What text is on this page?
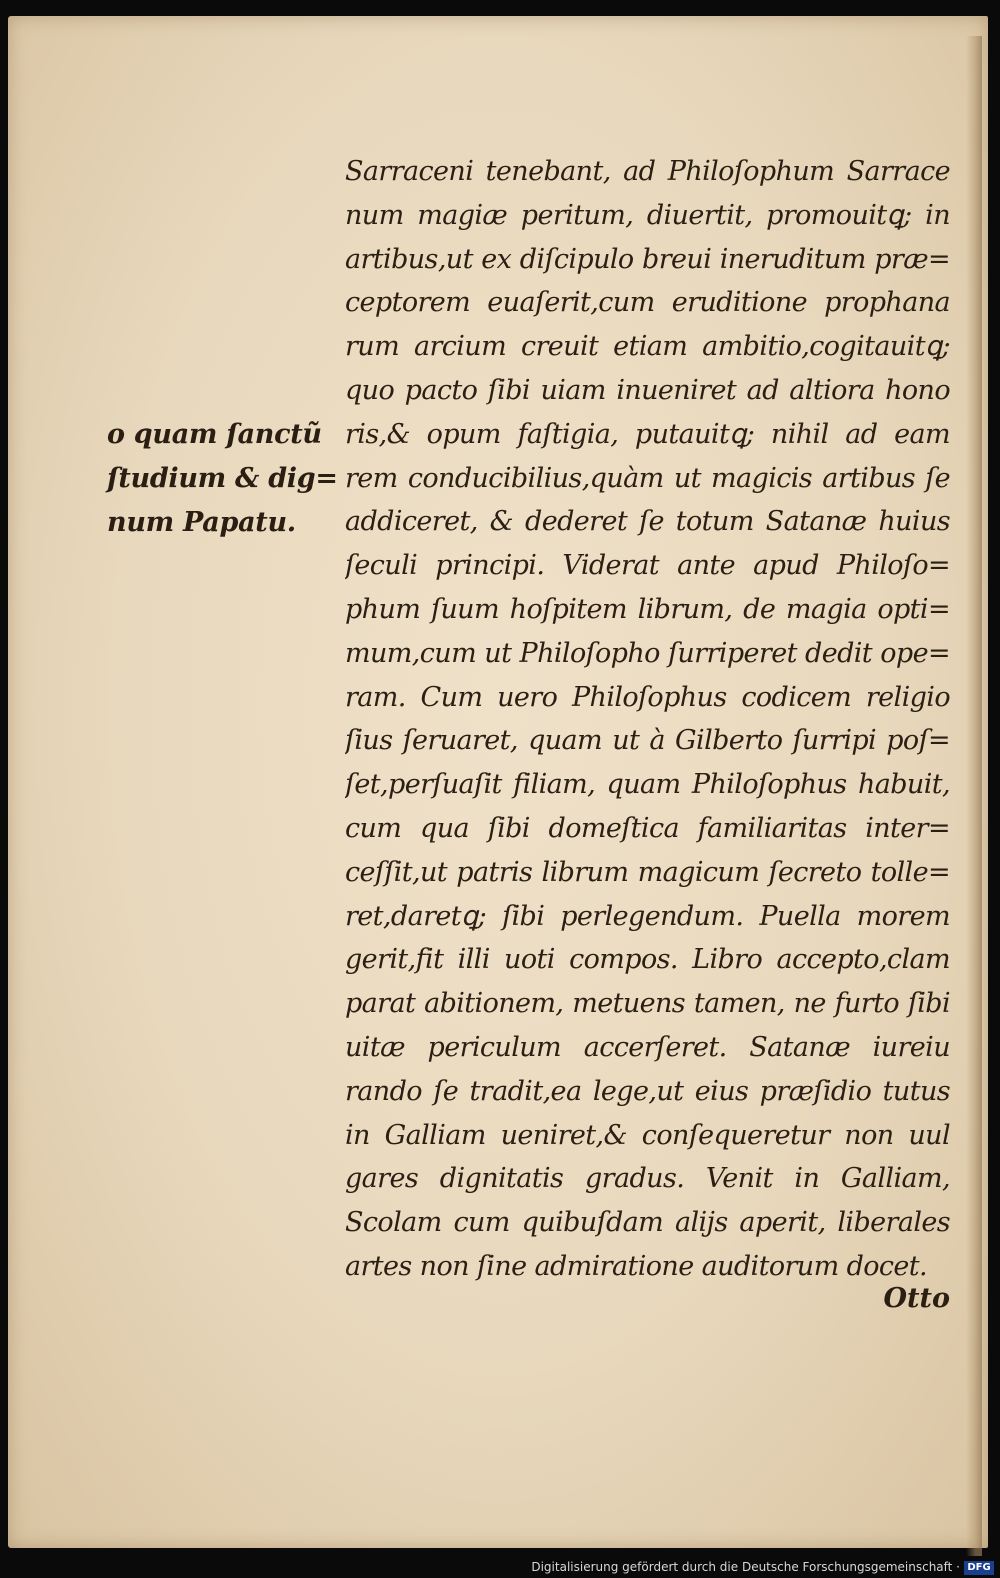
o quam ſanctũ
ſtudium & dig=
num Papatu.
Sarraceni tenebant, ad Philoſophum Sarrace
num magiæ peritum, diuertit, promouitꝗ; in
artibus,ut ex diſcipulo breui ineruditum præ=
ceptorem euaſerit,cum eruditione prophana
rum arcium creuit etiam ambitio,cogitauitꝗ;
quo pacto ſibi uiam inueniret ad altiora hono
ris,& opum faſtigia, putauitꝗ; nihil ad eam
rem conducibilius,quàm ut magicis artibus ſe
addiceret, & dederet ſe totum Satanæ huius
ſeculi principi. Viderat ante apud Philoſo=
phum ſuum hoſpitem librum, de magia opti=
mum,cum ut Philoſopho ſurriperet dedit ope=
ram. Cum uero Philoſophus codicem religio
ſius ſeruaret, quam ut à Gilberto ſurripi poſ=
ſet,perſuaſit filiam, quam Philoſophus habuit,
cum qua ſibi domeſtica familiaritas inter=
ceſſit,ut patris librum magicum ſecreto tolle=
ret,daretꝗ; ſibi perlegendum. Puella morem
gerit,fit illi uoti compos. Libro accepto,clam
parat abitionem, metuens tamen, ne furto ſibi
uitæ periculum accerſeret. Satanæ iureiu
rando ſe tradit,ea lege,ut eius præſidio tutus
in Galliam ueniret,& conſequeretur non uul
gares dignitatis gradus. Venit in Galliam,
Scolam cum quibuſdam alijs aperit, liberales
artes non ſine admiratione auditorum docet.
Otto
Digitalisierung gefördert durch die Deutsche Forschungsgemeinschaft · DFG
